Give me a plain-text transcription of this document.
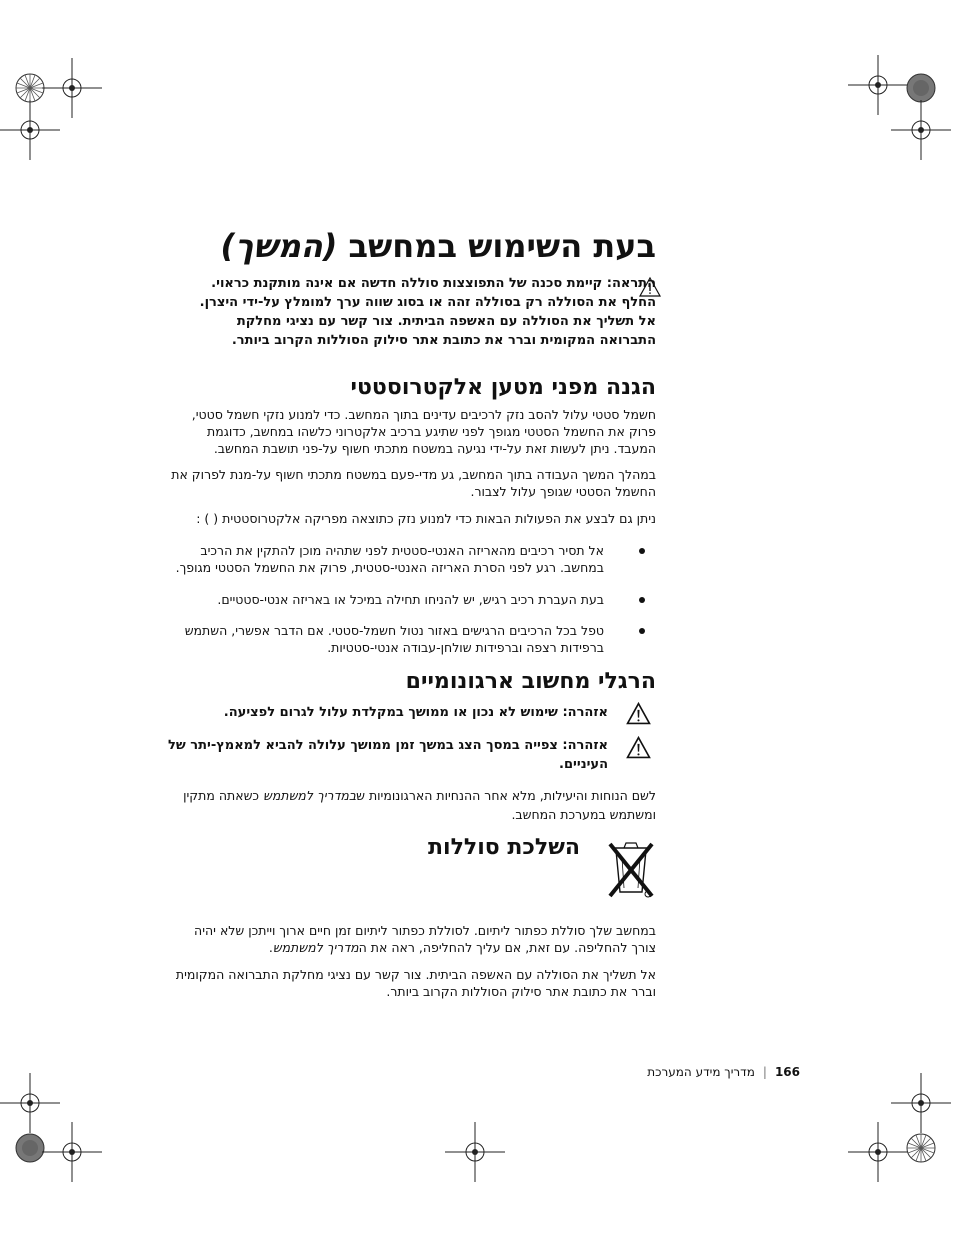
בעת השימוש במחשב (המשך)
התראה: קיימת סכנה של התפוצצות סוללה חדשה אם אינה מותקנת כראוי.
החלף את הסוללה רק בסוללה זהה או בסוג שווה ערך למומלץ על-ידי היצרן.
אל תשליך את הסוללה עם האשפה הביתית. צור קשר עם נציגי מחלקת
התברואה המקומית וברר את כתובת אתר סילוק הסוללות הקרוב ביותר.
הגנה מפני מטען אלקטרוסטטי
חשמל סטטי עלול להסב נזק לרכיבים עדינים בתוך המחשב. כדי למנוע נזקי חשמל סטטי,
פרוק את החשמל הסטטי מגופך לפני שתיגע ברכיב אלקטרוני כלשהו במחשב, כדוגמת
המעבד. ניתן לעשות זאת על-ידי נגיעה במשטח מתכתי חשוף על-פני תושבת המחשב.
במהלך המשך העבודה בתוך המחשב, גע מדי-פעם במשטח מתכתי חשוף על-מנת לפרוק את
החשמל הסטטי שגופך עלול לצבור.
ניתן גם לבצע את הפעולות הבאות כדי למנוע נזק כתוצאה מפריקה אלקטרוסטטית ( ) :
אל תסיר רכיבים מהאריזה האנטי-סטטית לפני שתהיה מוכן להתקין את הרכיב
במחשב. רגע לפני הסרת האריזה האנטי-סטטית, פרוק את החשמל הסטטי מגופך.
בעת העברת רכיב רגיש, יש להניחו תחילה במיכל או באריזה אנטי-סטטיים.
טפל בכל הרכיבים הרגישים באזור נטול חשמל-סטטי. אם הדבר אפשרי, השתמש
ברפידות רצפה וברפידות שולחן-עבודה אנטי-סטטיות.
הרגלי מחשוב ארגונומיים
אזהרה: שימוש לא נכון או ממושך במקלדת עלול לגרום לפציעה.
אזהרה: צפייה במסך הצג במשך זמן ממושך עלולה להביא למאמץ-יתר של
העיניים.
לשם הנוחות והיעילות, מלא אחר ההנחיות הארגונומיות שבמדריך למשתמש כשאתה מתקין
ומשתמש במערכת המחשב.
השלכת סוללות
במחשב שלך סוללת כפתור ליתיום. לסוללת כפתור ליתיום זמן חיים ארוך וייתכן שלא יהיה
צורך להחליפה. עם זאת, אם עליך להחליפה, ראה את המדריך למשתמש.
אל תשליך את הסוללה עם האשפה הביתית. צור קשר עם נציגי מחלקת התברואה המקומית
וברר את כתובת אתר סילוק הסוללות הקרוב ביותר.
166|מדריך מידע המערכת
